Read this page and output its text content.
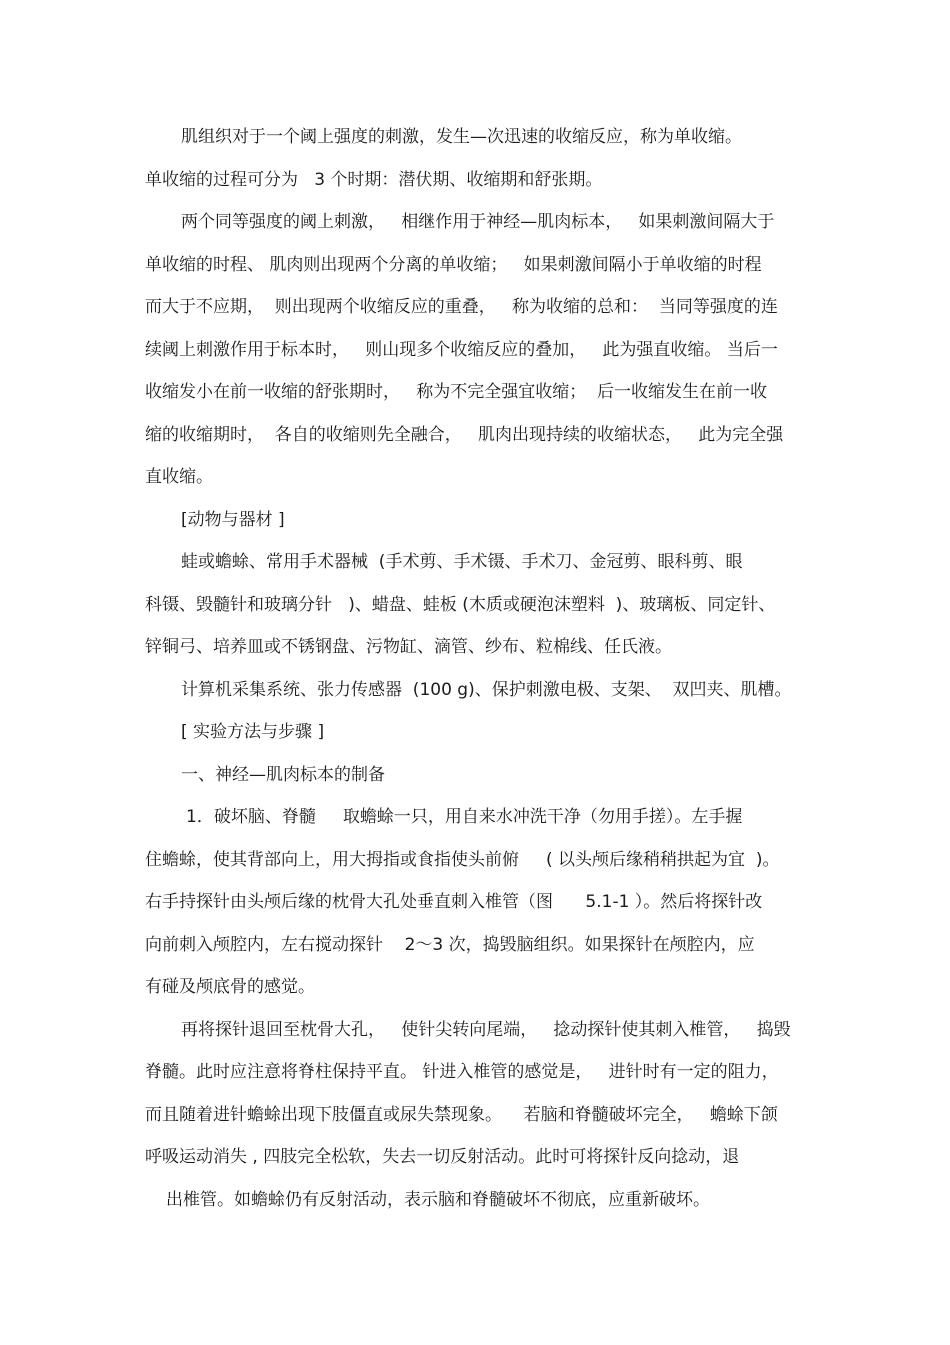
肌组织对于一个阈上强度的刺激，发生—次迅速的收缩反应，称为单收缩。

单收缩的过程可分为   3 个时期：潜伏期、收缩期和舒张期。

两个同等强度的阈上刺激，   相继作用于神经—肌肉标本，   如果刺激间隔大于

单收缩的时程、 肌肉则出现两个分离的单收缩；   如果刺激间隔小于单收缩的时程

而大于不应期，  则出现两个收缩反应的重叠，   称为收缩的总和：  当同等强度的连

续阈上刺激作用于标本时，   则山现多个收缩反应的叠加，   此为强直收缩。 当后一

收缩发小在前一收缩的舒张期时，   称为不完全强宜收缩；  后一收缩发生在前一收

缩的收缩期时，  各自的收缩则先全融合，   肌肉出现持续的收缩状态，   此为完全强

直收缩。

[动物与器材 ]

蛙或蟾蜍、常用手术器械  (手术剪、手术镊、手术刀、金冠剪、眼科剪、眼

科镊、毁髓针和玻璃分针   )、蜡盘、蛙板 (木质或硬泡沫塑料  )、玻璃板、同定针、

锌铜弓、培养皿或不锈钢盘、污物缸、滴管、纱布、粒棉线、任氏液。

计算机采集系统、张力传感器  (100 g)、保护刺激电极、支架、  双凹夹、肌槽。

[ 实验方法与步骤 ]

一、神经—肌肉标本的制备

1．破坏脑、脊髓     取蟾蜍一只，用自来水冲洗干净（勿用手搓）。左手握

住蟾蜍，使其背部向上，用大拇指或食指使头前俯     ( 以头颅后缘稍稍拱起为宜  )。

右手持探针由头颅后缘的枕骨大孔处垂直刺入椎管（图      5.1-1 ）。然后将探针改

向前刺入颅腔内，左右搅动探针    2～3 次，捣毁脑组织。如果探针在颅腔内，应

有碰及颅底骨的感觉。

再将探针退回至枕骨大孔，   使针尖转向尾端，   捻动探针使其刺入椎管，   捣毁

脊髓。此时应注意将脊柱保持平直。 针进入椎管的感觉是，   进针时有一定的阻力，

而且随着进针蟾蜍出现下肢僵直或尿失禁现象。    若脑和脊髓破坏完全，   蟾蜍下颌

呼吸运动消失 , 四肢完全松软，失去一切反射活动。此时可将探针反向捻动，退

出椎管。如蟾蜍仍有反射活动，表示脑和脊髓破坏不彻底，应重新破坏。
